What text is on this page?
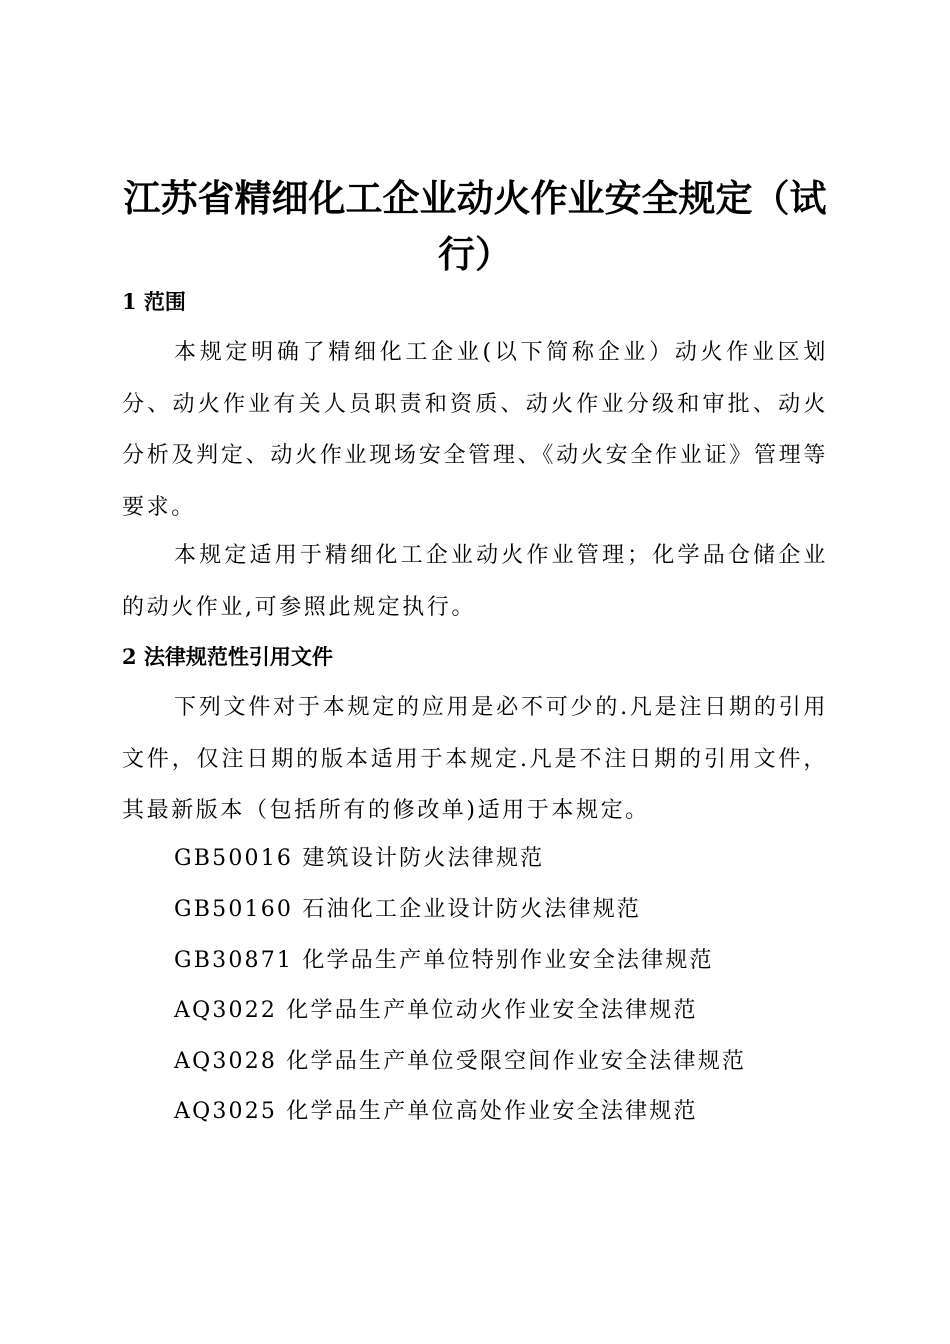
江苏省精细化工企业动火作业安全规定（试行）
1 范围
本规定明确了精细化工企业(以下简称企业）动火作业区划分、动火作业有关人员职责和资质、动火作业分级和审批、动火分析及判定、动火作业现场安全管理、《动火安全作业证》管理等要求。
本规定适用于精细化工企业动火作业管理；化学品仓储企业的动火作业,可参照此规定执行。
2 法律规范性引用文件
下列文件对于本规定的应用是必不可少的.凡是注日期的引用文件，仅注日期的版本适用于本规定.凡是不注日期的引用文件，其最新版本（包括所有的修改单)适用于本规定。
GB50016 建筑设计防火法律规范
GB50160 石油化工企业设计防火法律规范
GB30871 化学品生产单位特别作业安全法律规范
AQ3022 化学品生产单位动火作业安全法律规范
AQ3028 化学品生产单位受限空间作业安全法律规范
AQ3025 化学品生产单位高处作业安全法律规范
